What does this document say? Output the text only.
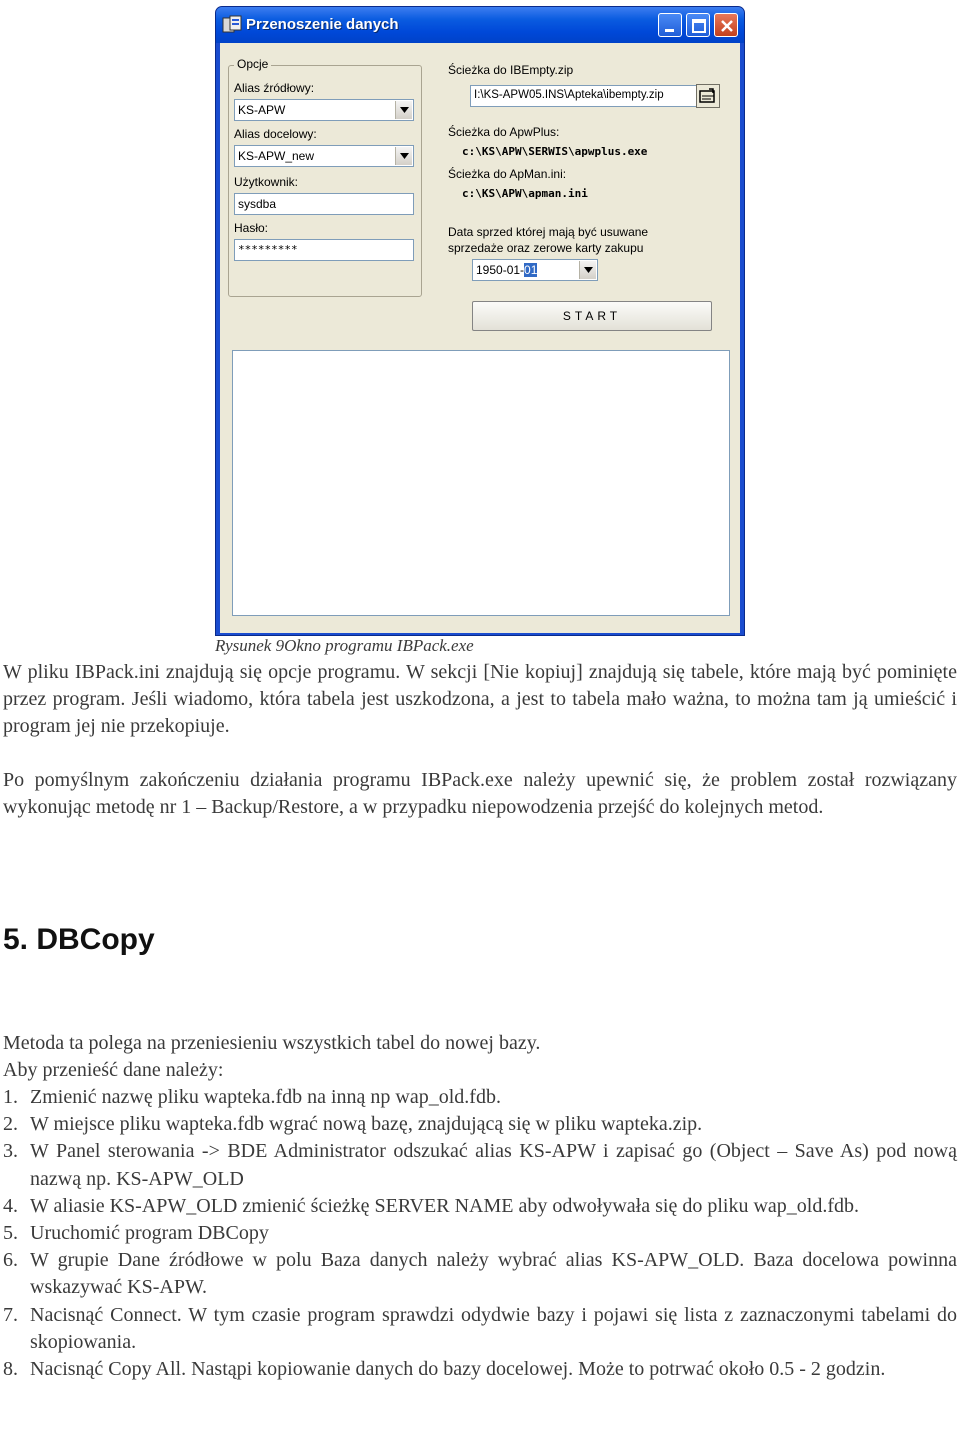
Przenoszenie danych
Opcje
Alias źródłowy:
KS-APW
Alias docelowy:
KS-APW_new
Użytkownik:
sysdba
Hasło:
*********
Ścieżka do IBEmpty.zip
I:\KS-APW05.INS\Apteka\ibempty.zip
Ścieżka do ApwPlus:
c:\KS\APW\SERWIS\apwplus.exe
Ścieżka do ApMan.ini:
c:\KS\APW\apman.ini
Data sprzed której mają być usuwane
sprzedaże oraz zerowe karty zakupu
1950-01-01
START
Rysunek 9Okno programu IBPack.exe

W pliku IBPack.ini znajdują się opcje programu. W sekcji [Nie kopiuj] znajdują się tabele, które mają być pominięte przez program. Jeśli wiadomo, która tabela jest uszkodzona, a jest to tabela mało ważna, to można tam ją umieścić i program jej nie przekopiuje.

Po pomyślnym zakończeniu działania programu IBPack.exe należy upewnić się, że problem został rozwiązany wykonując metodę nr 1 – Backup/Restore, a w przypadku niepowodzenia przejść do kolejnych metod.

5. DBCopy

Metoda ta polega na przeniesieniu wszystkich tabel do nowej bazy.

Aby przenieść dane należy:

1. Zmienić nazwę pliku wapteka.fdb na inną np wap_old.fdb.
2. W miejsce pliku wapteka.fdb wgrać nową bazę, znajdującą się w pliku wapteka.zip.
3. W Panel sterowania -> BDE Administrator odszukać alias KS-APW i zapisać go (Object – Save As) pod nową nazwą np. KS-APW_OLD
4. W aliasie KS-APW_OLD zmienić ścieżkę SERVER NAME aby odwoływała się do pliku wap_old.fdb.
5. Uruchomić program DBCopy
6. W grupie Dane źródłowe w polu Baza danych należy wybrać alias KS-APW_OLD. Baza docelowa powinna wskazywać KS-APW.
7. Nacisnąć Connect. W tym czasie program sprawdzi odydwie bazy i pojawi się lista z zaznaczonymi tabelami do skopiowania.
8. Nacisnąć Copy All. Nastąpi kopiowanie danych do bazy docelowej. Może to potrwać około 0.5 - 2 godzin.
